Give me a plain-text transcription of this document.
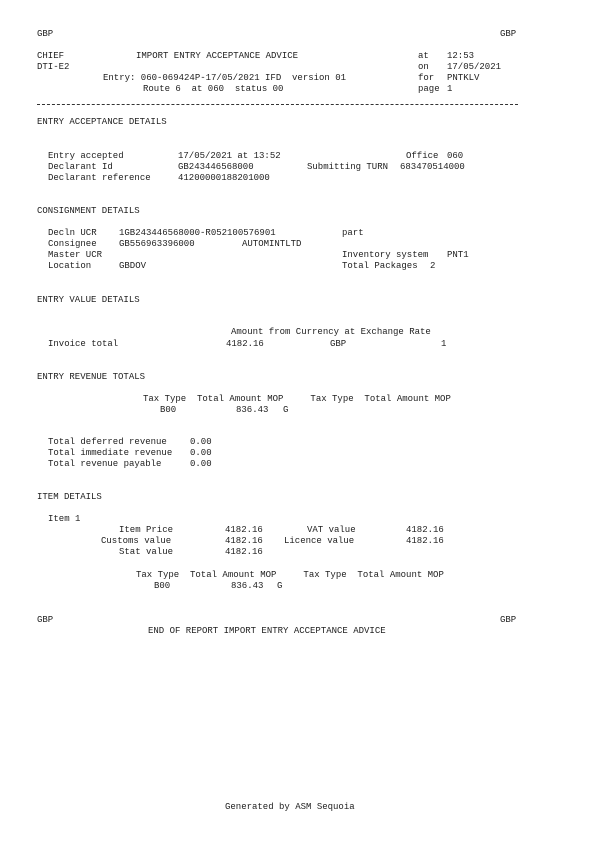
GBP	GBP
CHIEF	IMPORT ENTRY ACCEPTANCE ADVICE	at 12:53
DTI-E2	on 17/05/2021
Entry: 060-069424P-17/05/2021 IFD  version 01	for PNTKLV
Route 6  at 060  status 00	page 1
ENTRY ACCEPTANCE DETAILS
Entry accepted	17/05/2021 at 13:52	Office 060
Declarant Id	GB243446568000	Submitting TURN 683470514000
Declarant reference	41200000188201000
CONSIGNMENT DETAILS
Decln UCR 1GB243446568000-R052100576901	part
Consignee GB556963396000	AUTOMINTLTD
Master UCR	Inventory system PNT1
Location	GBDOV	Total Packages 2
ENTRY VALUE DETAILS
Amount from Currency at Exchange Rate
Invoice total	4182.16	GBP	1
ENTRY REVENUE TOTALS
Tax Type  Total Amount MOP     Tax Type  Total Amount MOP
B00	836.43 G
Total deferred revenue	0.00
Total immediate revenue 0.00
Total revenue payable	0.00
ITEM DETAILS
Item 1
Item Price	4182.16	VAT value	4182.16
Customs value	4182.16 Licence value	4182.16
Stat value	4182.16
Tax Type  Total Amount MOP     Tax Type  Total Amount MOP
B00	836.43 G
GBP	GBP
END OF REPORT IMPORT ENTRY ACCEPTANCE ADVICE
Generated by ASM Sequoia
